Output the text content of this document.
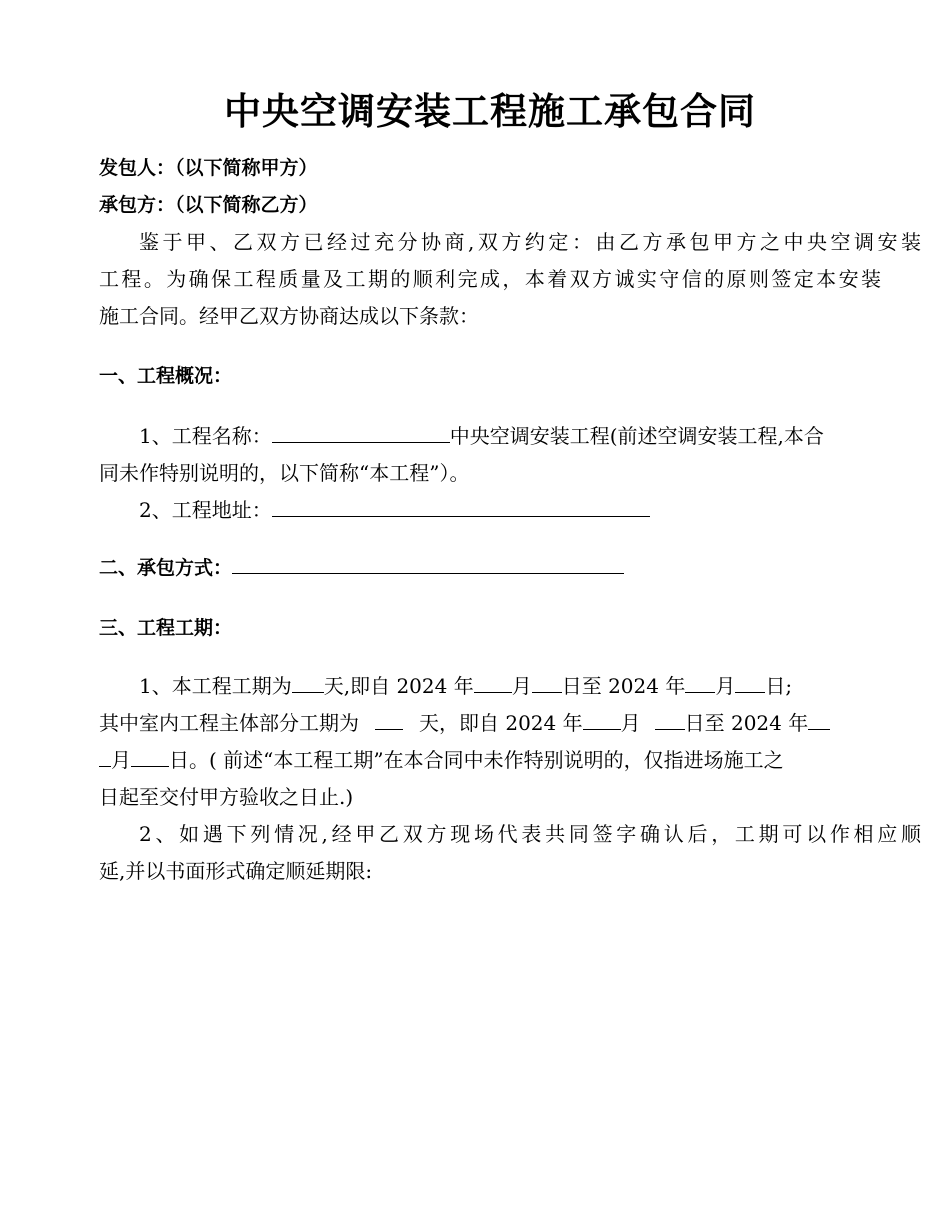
中央空调安装工程施工承包合同
发包人：（以下简称甲方）
承包方：（以下简称乙方）
鉴于甲、乙双方已经过充分协商,双方约定：由乙方承包甲方之中央空调安装
工程。为确保工程质量及工期的顺利完成，本着双方诚实守信的原则签定本安装
施工合同。经甲乙双方协商达成以下条款：
一、工程概况：
1、工程名称：	中央空调安装工程(前述空调安装工程,本合
同未作特别说明的，以下简称“本工程”）。
2、工程地址：
二、承包方式：
三、工程工期：
1、本工程工期为 天,即自 2024 年 月 日至 2024 年 月 日;
其中室内工程主体部分工期为	天，即自 2024 年 月 日至 2024 年
月 日。( 前述“本工程工期”在本合同中未作特别说明的，仅指进场施工之
日起至交付甲方验收之日止.)
2、如遇下列情况,经甲乙双方现场代表共同签字确认后，工期可以作相应顺
延,并以书面形式确定顺延期限:
